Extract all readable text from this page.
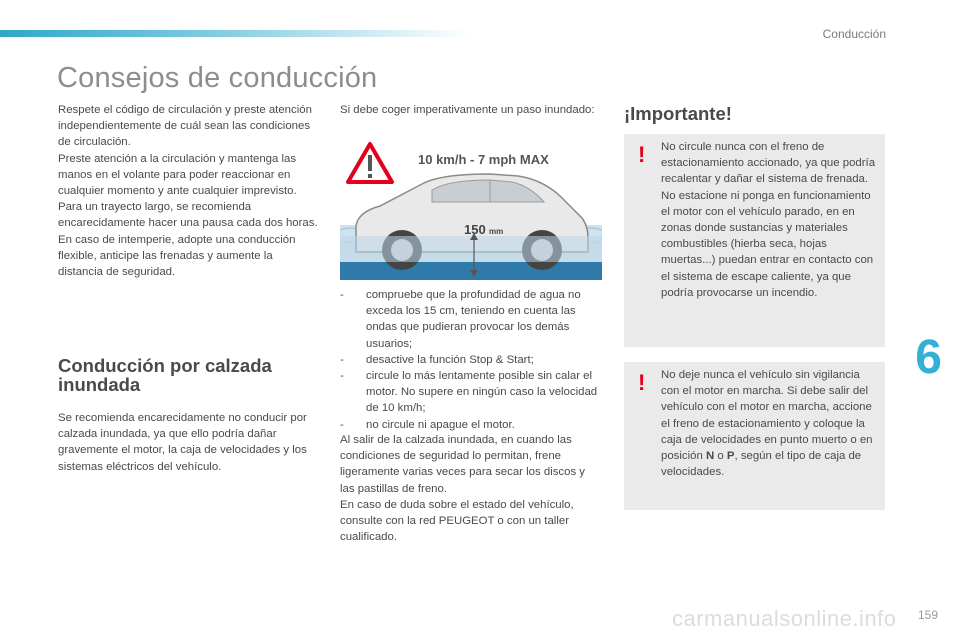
Conducción
Consejos de conducción

Respete el código de circulación y preste atención independientemente de cuál sean las condiciones de circulación.

Preste atención a la circulación y mantenga las manos en el volante para poder reaccionar en cualquier momento y ante cualquier imprevisto.

Para un trayecto largo, se recomienda encarecidamente hacer una pausa cada dos horas.

En caso de intemperie, adopte una conducción flexible, anticipe las frenadas y aumente la distancia de seguridad.

Conducción por calzada inundada

Se recomienda encarecidamente no conducir por calzada inundada, ya que ello podría dañar gravemente el motor, la caja de velocidades y los sistemas eléctricos del vehículo.

Si debe coger imperativamente un paso inundado:

10 km/h - 7 mph MAX
150 mm
- compruebe que la profundidad de agua no exceda los 15 cm, teniendo en cuenta las ondas que pudieran provocar los demás usuarios;
- desactive la función Stop & Start;
- circule lo más lentamente posible sin calar el motor. No supere en ningún caso la velocidad de 10 km/h;
- no circule ni apague el motor.

Al salir de la calzada inundada, en cuando las condiciones de seguridad lo permitan, frene ligeramente varias veces para secar los discos y las pastillas de freno.

En caso de duda sobre el estado del vehículo, consulte con la red PEUGEOT o con un taller cualificado.

¡Importante!
! No circule nunca con el freno de estacionamiento accionado, ya que podría recalentar y dañar el sistema de frenada.
No estacione ni ponga en funcionamiento el motor con el vehículo parado, en en zonas donde sustancias y materiales combustibles (hierba seca, hojas muertas...) puedan entrar en contacto con el sistema de escape caliente, ya que podría provocarse un incendio.
! No deje nunca el vehículo sin vigilancia con el motor en marcha. Si debe salir del vehículo con el motor en marcha, accione el freno de estacionamiento y coloque la caja de velocidades en punto muerto o en posición N o P, según el tipo de caja de velocidades.
6
carmanualsonline.info 159
